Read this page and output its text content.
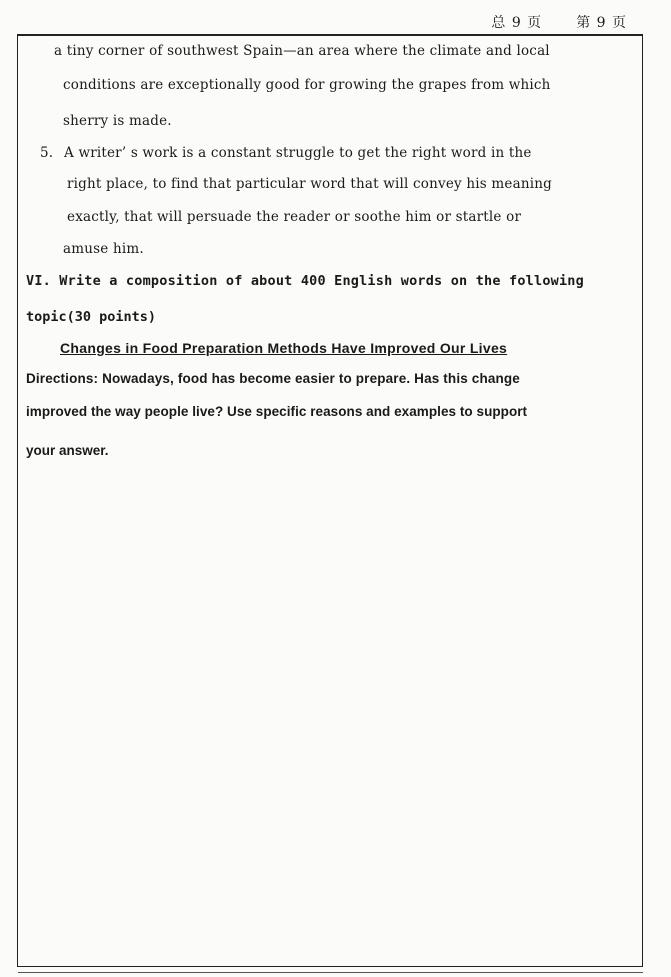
总 9 页 第 9 页
a tiny corner of southwest Spain—an area where the climate and local
conditions are exceptionally good for growing the grapes from which
sherry is made.
5. A writer’ s work is a constant struggle to get the right word in the
right place, to find that particular word that will convey his meaning
exactly, that will persuade the reader or soothe him or startle or
amuse him.
VI. Write a composition of about 400 English words on the following
topic(30 points)
Changes in Food Preparation Methods Have Improved Our Lives
Directions: Nowadays, food has become easier to prepare. Has this change
improved the way people live? Use specific reasons and examples to support
your answer.
